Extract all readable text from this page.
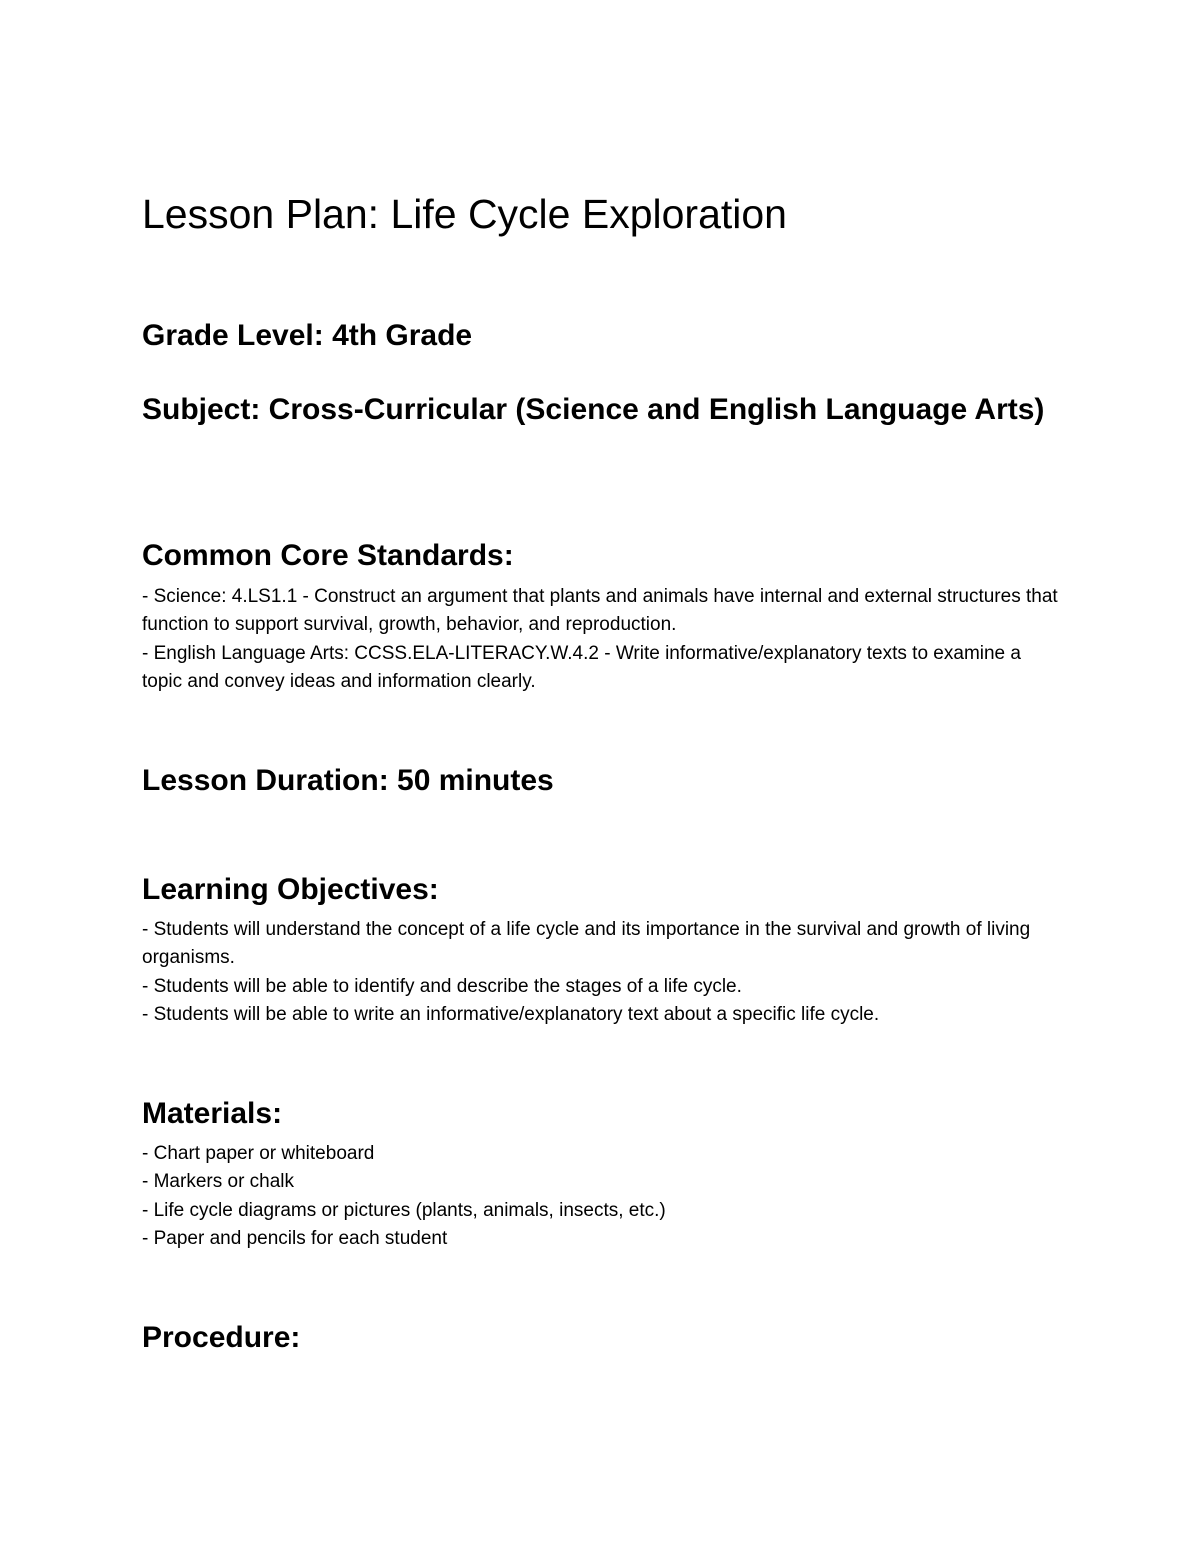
Lesson Plan: Life Cycle Exploration
Grade Level: 4th Grade
Subject: Cross-Curricular (Science and English Language Arts)
Common Core Standards:
- Science: 4.LS1.1 - Construct an argument that plants and animals have internal and external structures that function to support survival, growth, behavior, and reproduction.
- English Language Arts: CCSS.ELA-LITERACY.W.4.2 - Write informative/explanatory texts to examine a topic and convey ideas and information clearly.
Lesson Duration: 50 minutes
Learning Objectives:
- Students will understand the concept of a life cycle and its importance in the survival and growth of living organisms.
- Students will be able to identify and describe the stages of a life cycle.
- Students will be able to write an informative/explanatory text about a specific life cycle.
Materials:
- Chart paper or whiteboard
- Markers or chalk
- Life cycle diagrams or pictures (plants, animals, insects, etc.)
- Paper and pencils for each student
Procedure:
